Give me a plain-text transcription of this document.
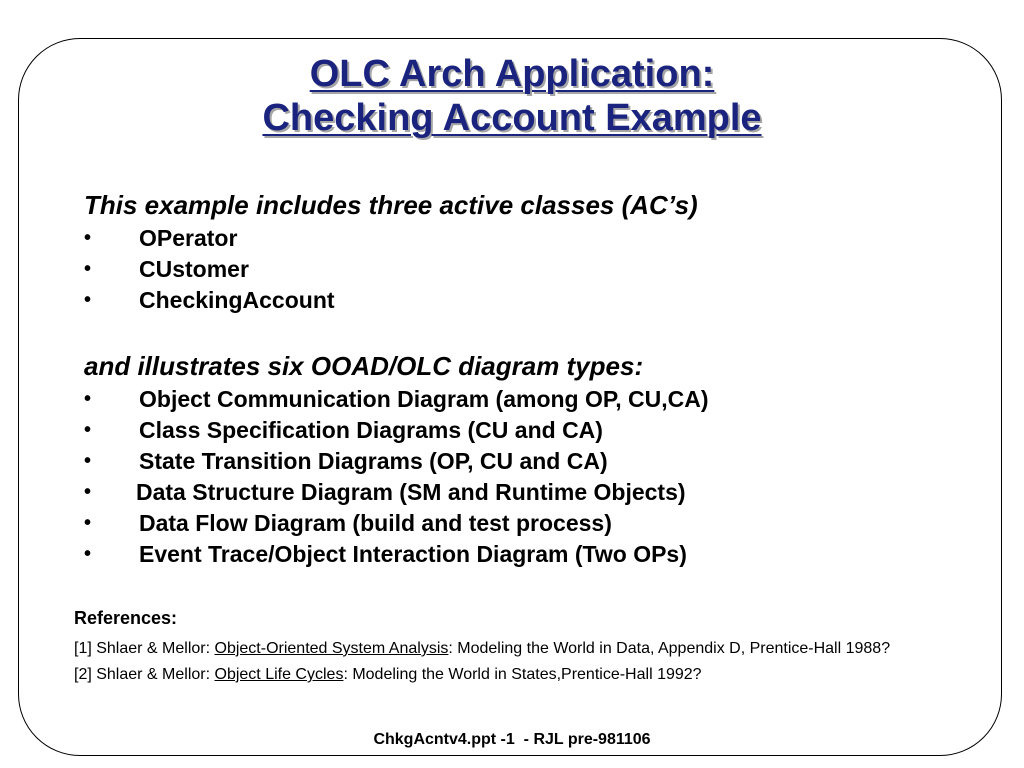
OLC Arch Application:
Checking Account Example
This example includes three active classes (AC’s)
•	OPerator
•	CUstomer
•	CheckingAccount
and illustrates six OOAD/OLC diagram types:
•	Object Communication Diagram (among OP, CU,CA)
•	Class Specification Diagrams (CU and CA)
•	State Transition Diagrams (OP, CU and CA)
•	Data Structure Diagram (SM and Runtime Objects)
•	Data Flow Diagram (build and test process)
•	Event Trace/Object Interaction Diagram (Two OPs)
References:
[1] Shlaer & Mellor: Object-Oriented System Analysis: Modeling the World in Data, Appendix D, Prentice-Hall 1988?
[2] Shlaer & Mellor: Object Life Cycles: Modeling the World in States,Prentice-Hall 1992?
ChkgAcntv4.ppt -1  - RJL pre-981106
